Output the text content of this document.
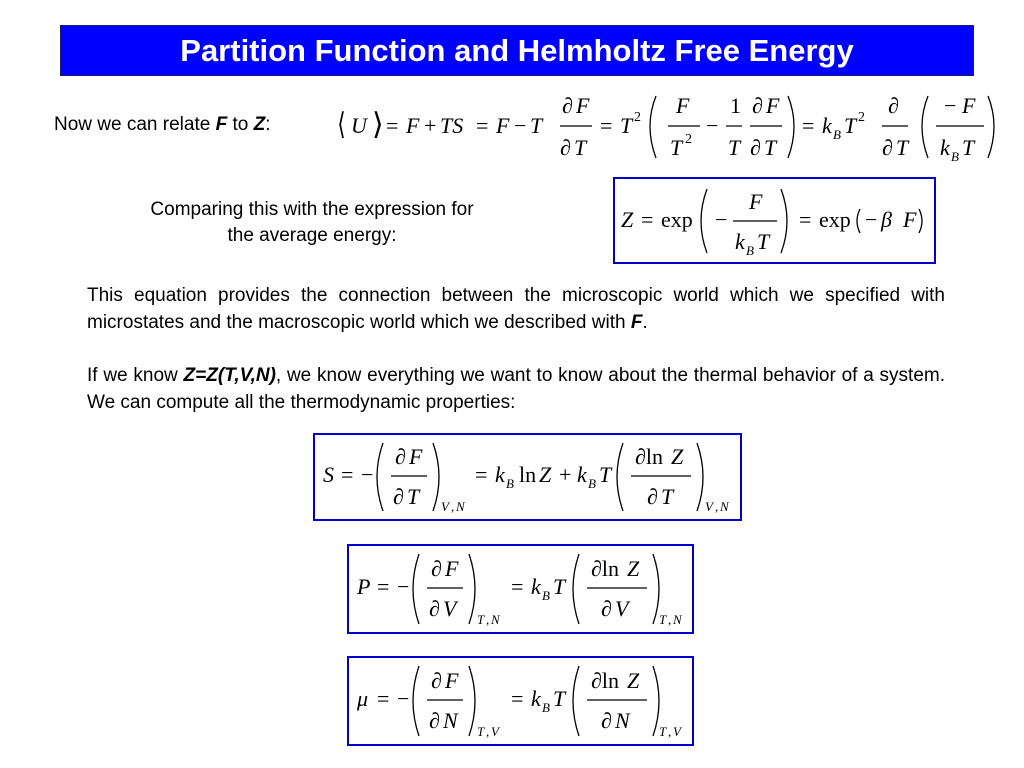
Partition Function and Helmholtz Free Energy
Now we can relate F to Z: ⟨ U ⟩ = F + TS = F − T
∂ F
∂ T
= T 2 F
T 2
−
1
T
∂ F
∂ T
= k B T 2 ∂
∂ T
− F
k B T
Comparing this with the expression for
the average energy:
Z = exp −
F
k B T
= exp − β F

This equation provides the connection between the microscopic world which we specified with microstates and the macroscopic world which we described with F.

If we know Z=Z(T,V,N), we know everything we want to know about the thermal behavior of a system. We can compute all the thermodynamic properties:

S = −
∂ F
∂ T V , N
= k B ln Z + k B T
∂ln Z
∂ T V , N
P = −
∂ F
∂ V T , N
= k B T
∂ln Z
∂ V T , N
μ = −
∂ F
∂ N T , V
= k B T
∂ln Z
∂ N T , V
